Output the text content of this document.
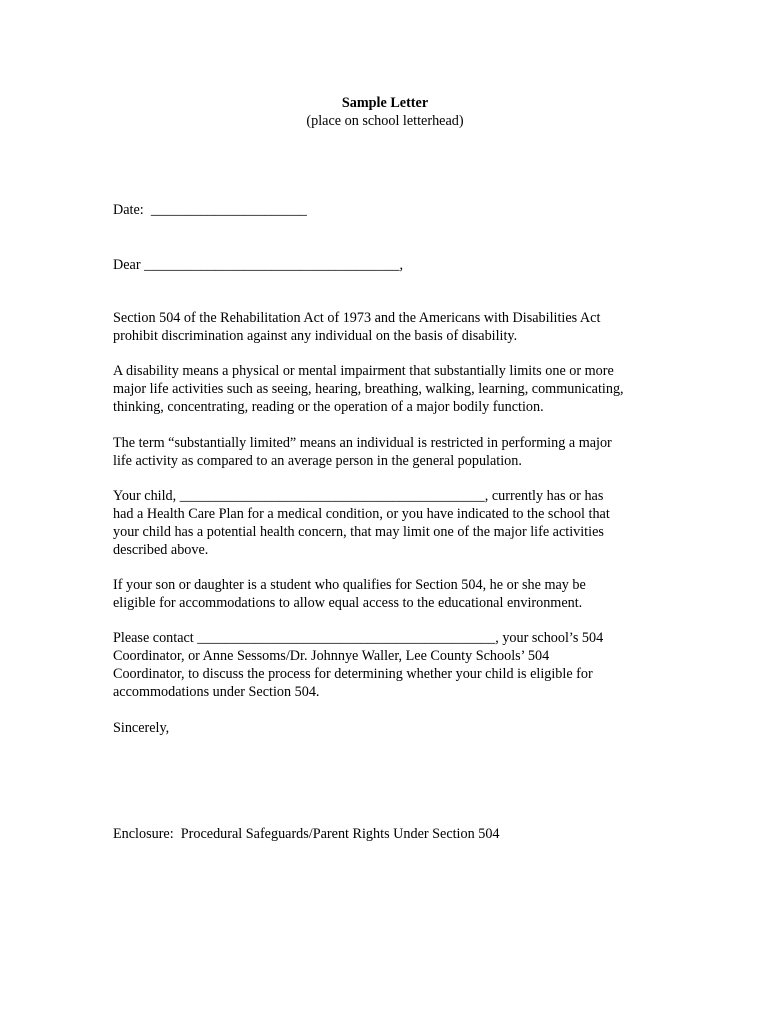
Sample Letter
(place on school letterhead)
Date:  ______________________
Dear ____________________________________,
Section 504 of the Rehabilitation Act of 1973 and the Americans with Disabilities Act
prohibit discrimination against any individual on the basis of disability.
A disability means a physical or mental impairment that substantially limits one or more
major life activities such as seeing, hearing, breathing, walking, learning, communicating,
thinking, concentrating, reading or the operation of a major bodily function.
The term “substantially limited” means an individual is restricted in performing a major
life activity as compared to an average person in the general population.
Your child, ___________________________________________, currently has or has
had a Health Care Plan for a medical condition, or you have indicated to the school that
your child has a potential health concern, that may limit one of the major life activities
described above.
If your son or daughter is a student who qualifies for Section 504, he or she may be
eligible for accommodations to allow equal access to the educational environment.
Please contact __________________________________________, your school’s 504
Coordinator, or Anne Sessoms/Dr. Johnnye Waller, Lee County Schools’ 504
Coordinator, to discuss the process for determining whether your child is eligible for
accommodations under Section 504.
Sincerely,
Enclosure:  Procedural Safeguards/Parent Rights Under Section 504
